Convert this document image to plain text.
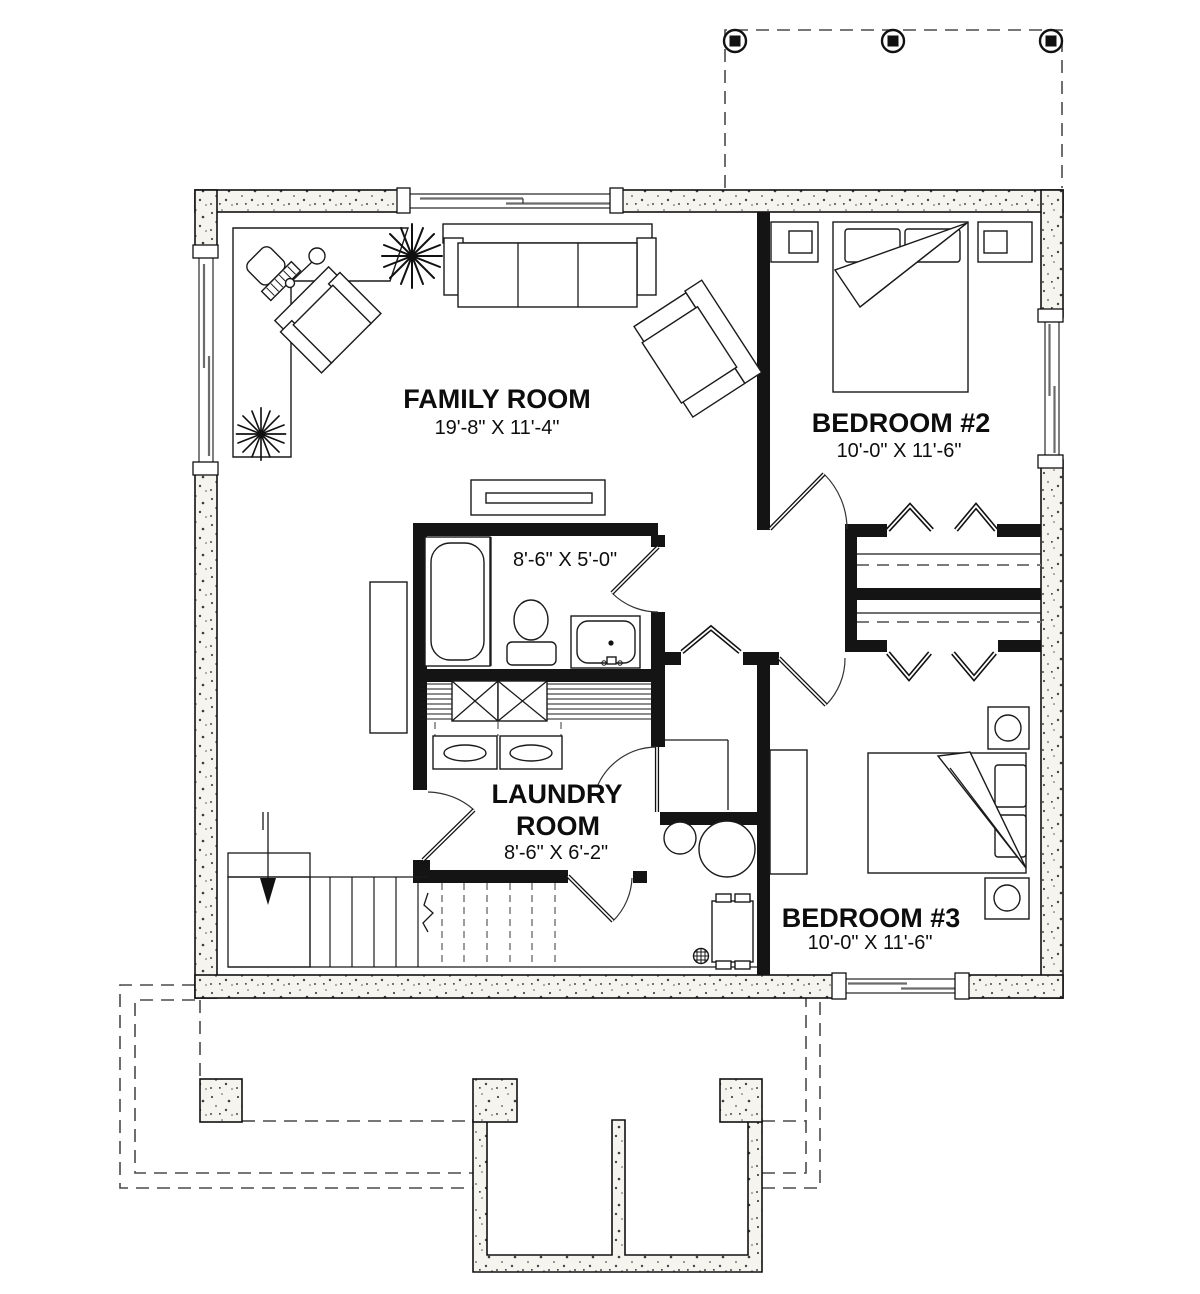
FAMILY ROOM
19'-8" X 11'-4"	BEDROOM #2
10'-0" X 11'-6"
8'-6" X 5'-0"
LAUNDRY
ROOM
8'-6" X 6'-2"
BEDROOM #3
10'-0" X 11'-6"
